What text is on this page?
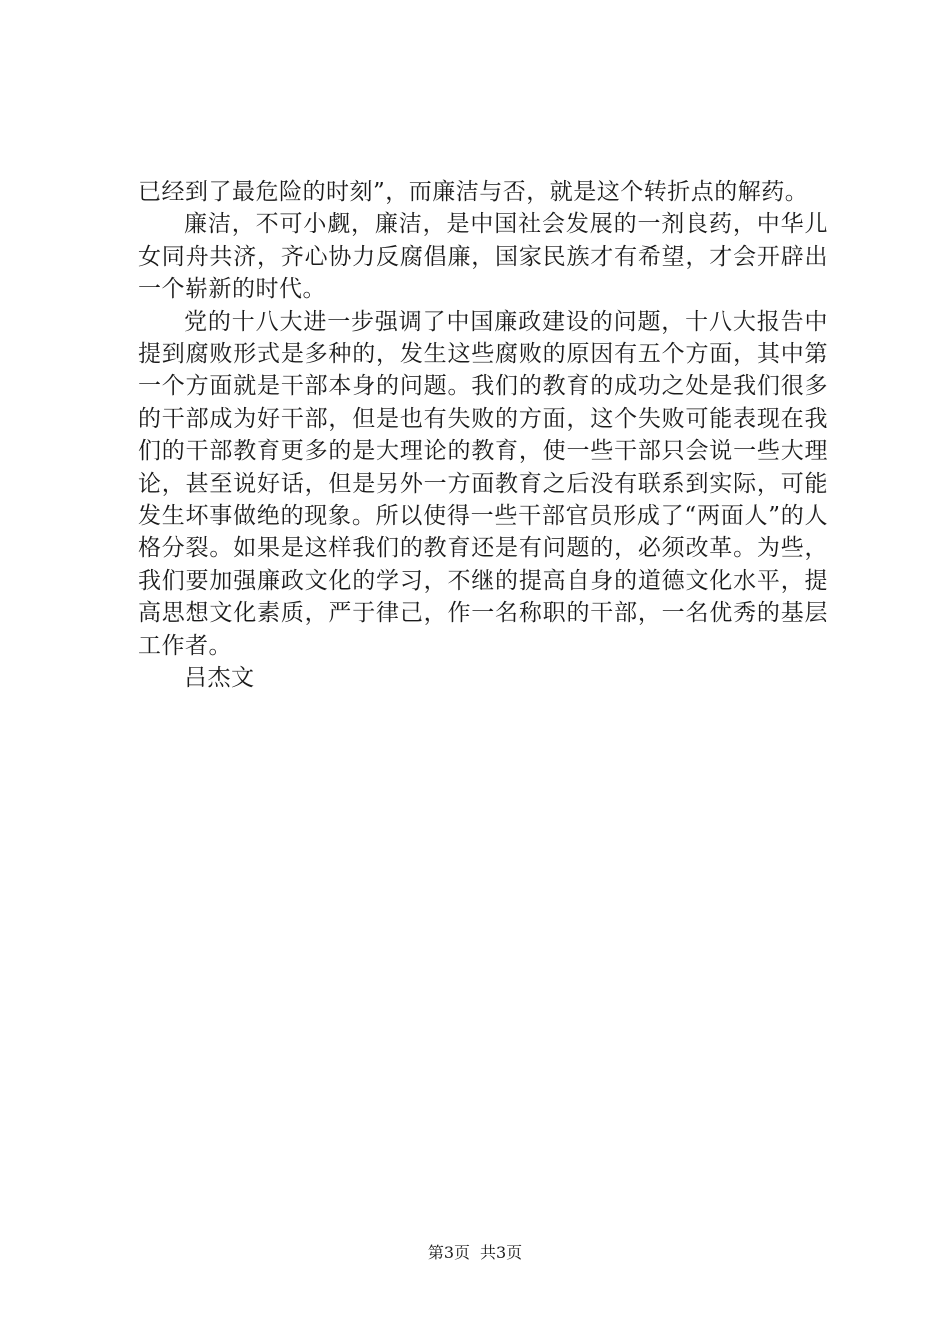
已经到了最危险的时刻”，而廉洁与否，就是这个转折点的解药。

廉洁，不可小觑，廉洁，是中国社会发展的一剂良药，中华儿女同舟共济，齐心协力反腐倡廉，国家民族才有希望，才会开辟出一个崭新的时代。

党的十八大进一步强调了中国廉政建设的问题，十八大报告中提到腐败形式是多种的，发生这些腐败的原因有五个方面，其中第一个方面就是干部本身的问题。我们的教育的成功之处是我们很多的干部成为好干部，但是也有失败的方面，这个失败可能表现在我们的干部教育更多的是大理论的教育，使一些干部只会说一些大理论，甚至说好话，但是另外一方面教育之后没有联系到实际，可能发生坏事做绝的现象。所以使得一些干部官员形成了“两面人”的人格分裂。如果是这样我们的教育还是有问题的，必须改革。为些，我们要加强廉政文化的学习，不继的提高自身的道德文化水平，提高思想文化素质，严于律己，作一名称职的干部，一名优秀的基层工作者。

吕杰文

第3页 共3页
